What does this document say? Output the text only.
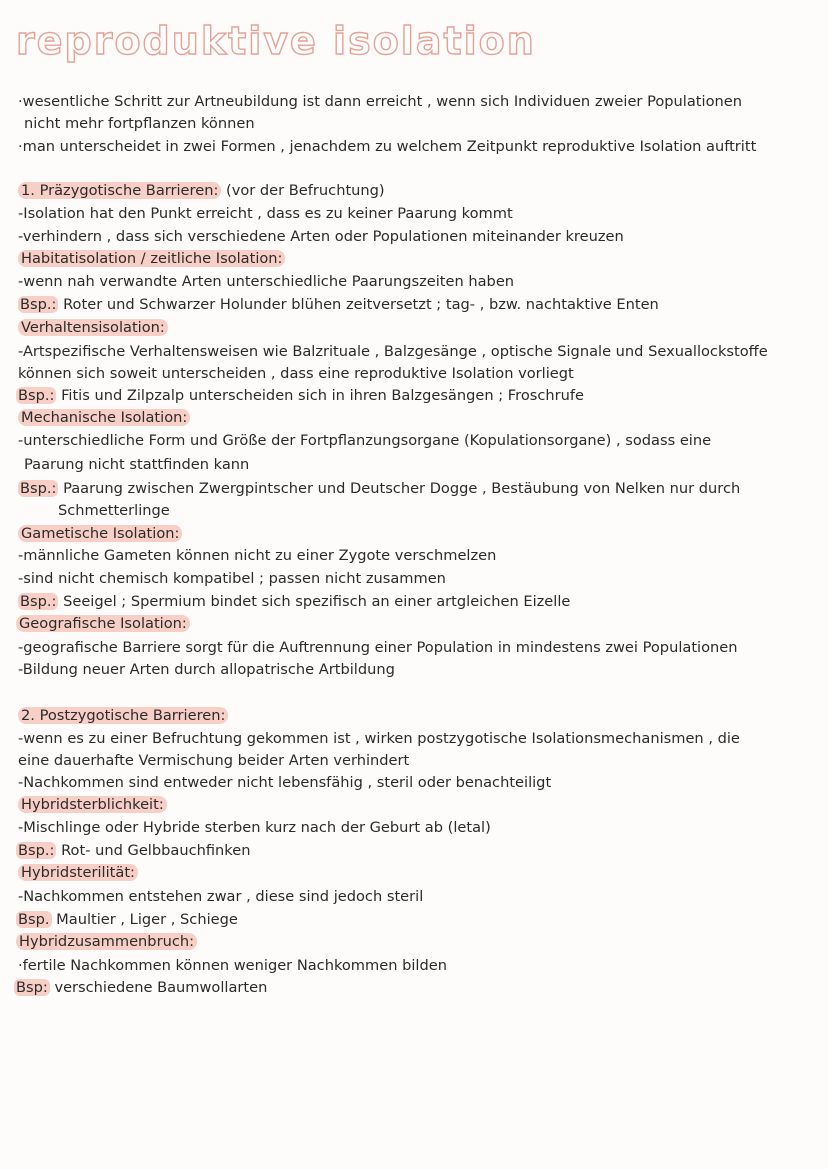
reproduktive isolation
·wesentliche Schritt zur Artneubildung ist dann erreicht , wenn sich Individuen zweier Populationen
nicht mehr fortpflanzen können
·man unterscheidet in zwei Formen , jenachdem zu welchem Zeitpunkt reproduktive Isolation auftritt
1. Präzygotische Barrieren: (vor der Befruchtung)
-Isolation hat den Punkt erreicht , dass es zu keiner Paarung kommt
-verhindern , dass sich verschiedene Arten oder Populationen miteinander kreuzen
Habitatisolation / zeitliche Isolation:
-wenn nah verwandte Arten unterschiedliche Paarungszeiten haben
Bsp.: Roter und Schwarzer Holunder blühen zeitversetzt ; tag- , bzw. nachtaktive Enten
Verhaltensisolation:
-Artspezifische Verhaltensweisen wie Balzrituale , Balzgesänge , optische Signale und Sexuallockstoffe
können sich soweit unterscheiden , dass eine reproduktive Isolation vorliegt
Bsp.: Fitis und Zilpzalp unterscheiden sich in ihren Balzgesängen ; Froschrufe
Mechanische Isolation:
-unterschiedliche Form und Größe der Fortpflanzungsorgane (Kopulationsorgane) , sodass eine
Paarung nicht stattfinden kann
Bsp.: Paarung zwischen Zwergpintscher und Deutscher Dogge , Bestäubung von Nelken nur durch
Schmetterlinge
Gametische Isolation:
-männliche Gameten können nicht zu einer Zygote verschmelzen
-sind nicht chemisch kompatibel ; passen nicht zusammen
Bsp.: Seeigel ; Spermium bindet sich spezifisch an einer artgleichen Eizelle
Geografische Isolation:
-geografische Barriere sorgt für die Auftrennung einer Population in mindestens zwei Populationen
-Bildung neuer Arten durch allopatrische Artbildung
2. Postzygotische Barrieren:
-wenn es zu einer Befruchtung gekommen ist , wirken postzygotische Isolationsmechanismen , die
eine dauerhafte Vermischung beider Arten verhindert
-Nachkommen sind entweder nicht lebensfähig , steril oder benachteiligt
Hybridsterblichkeit:
-Mischlinge oder Hybride sterben kurz nach der Geburt ab (letal)
Bsp.: Rot- und Gelbbauchfinken
Hybridsterilität:
-Nachkommen entstehen zwar , diese sind jedoch steril
Bsp. Maultier , Liger , Schiege
Hybridzusammenbruch:
·fertile Nachkommen können weniger Nachkommen bilden
Bsp: verschiedene Baumwollarten
